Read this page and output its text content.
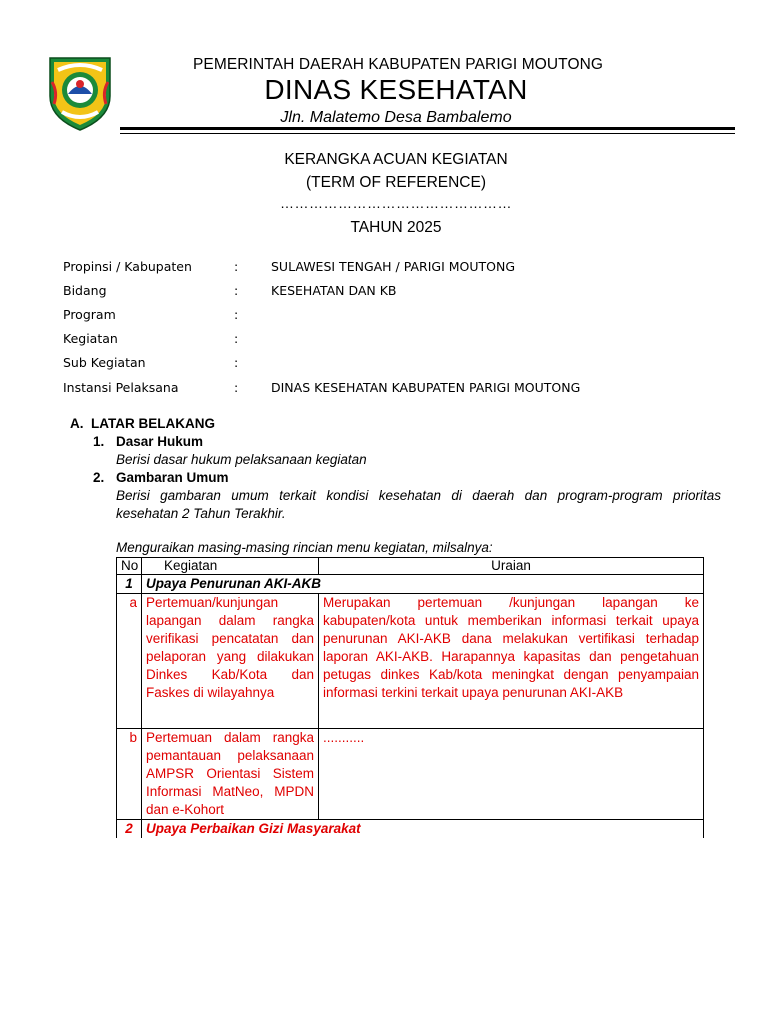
PEMERINTAH DAERAH KABUPATEN PARIGI MOUTONG
DINAS KESEHATAN
Jln. Malatemo Desa Bambalemo
KERANGKA ACUAN KEGIATAN
(TERM OF REFERENCE)
…………………………………………
TAHUN 2025
Propinsi / Kabupaten	:	SULAWESI TENGAH / PARIGI MOUTONG
Bidang	:	KESEHATAN DAN KB
Program	:
Kegiatan	:
Sub Kegiatan	:
Instansi Pelaksana	:	DINAS KESEHATAN KABUPATEN PARIGI MOUTONG
A.  LATAR BELAKANG
1. Dasar Hukum
Berisi dasar hukum pelaksanaan kegiatan
2. Gambaran Umum
Berisi gambaran umum terkait kondisi kesehatan di daerah dan program-program prioritas
kesehatan 2 Tahun Terakhir.
Menguraikan masing-masing rincian menu kegiatan, milsalnya:
No	Kegiatan	Uraian
1	Upaya Penurunan AKI-AKB	
a	Pertemuan/kunjungan lapangan dalam rangka verifikasi pencatatan dan pelaporan yang dilakukan Dinkes Kab/Kota dan Faskes di wilayahnya	Merupakan pertemuan /kunjungan lapangan ke kabupaten/kota untuk memberikan informasi terkait upaya penurunan AKI-AKB dana melakukan vertifikasi terhadap laporan AKI-AKB. Harapannya kapasitas dan pengetahuan petugas dinkes Kab/kota meningkat dengan penyampaian informasi terkini terkait upaya penurunan AKI-AKB
b	Pertemuan dalam rangka pemantauan pelaksanaan AMPSR Orientasi Sistem Informasi MatNeo, MPDN dan e-Kohort	...........
2	Upaya Perbaikan Gizi Masyarakat	
